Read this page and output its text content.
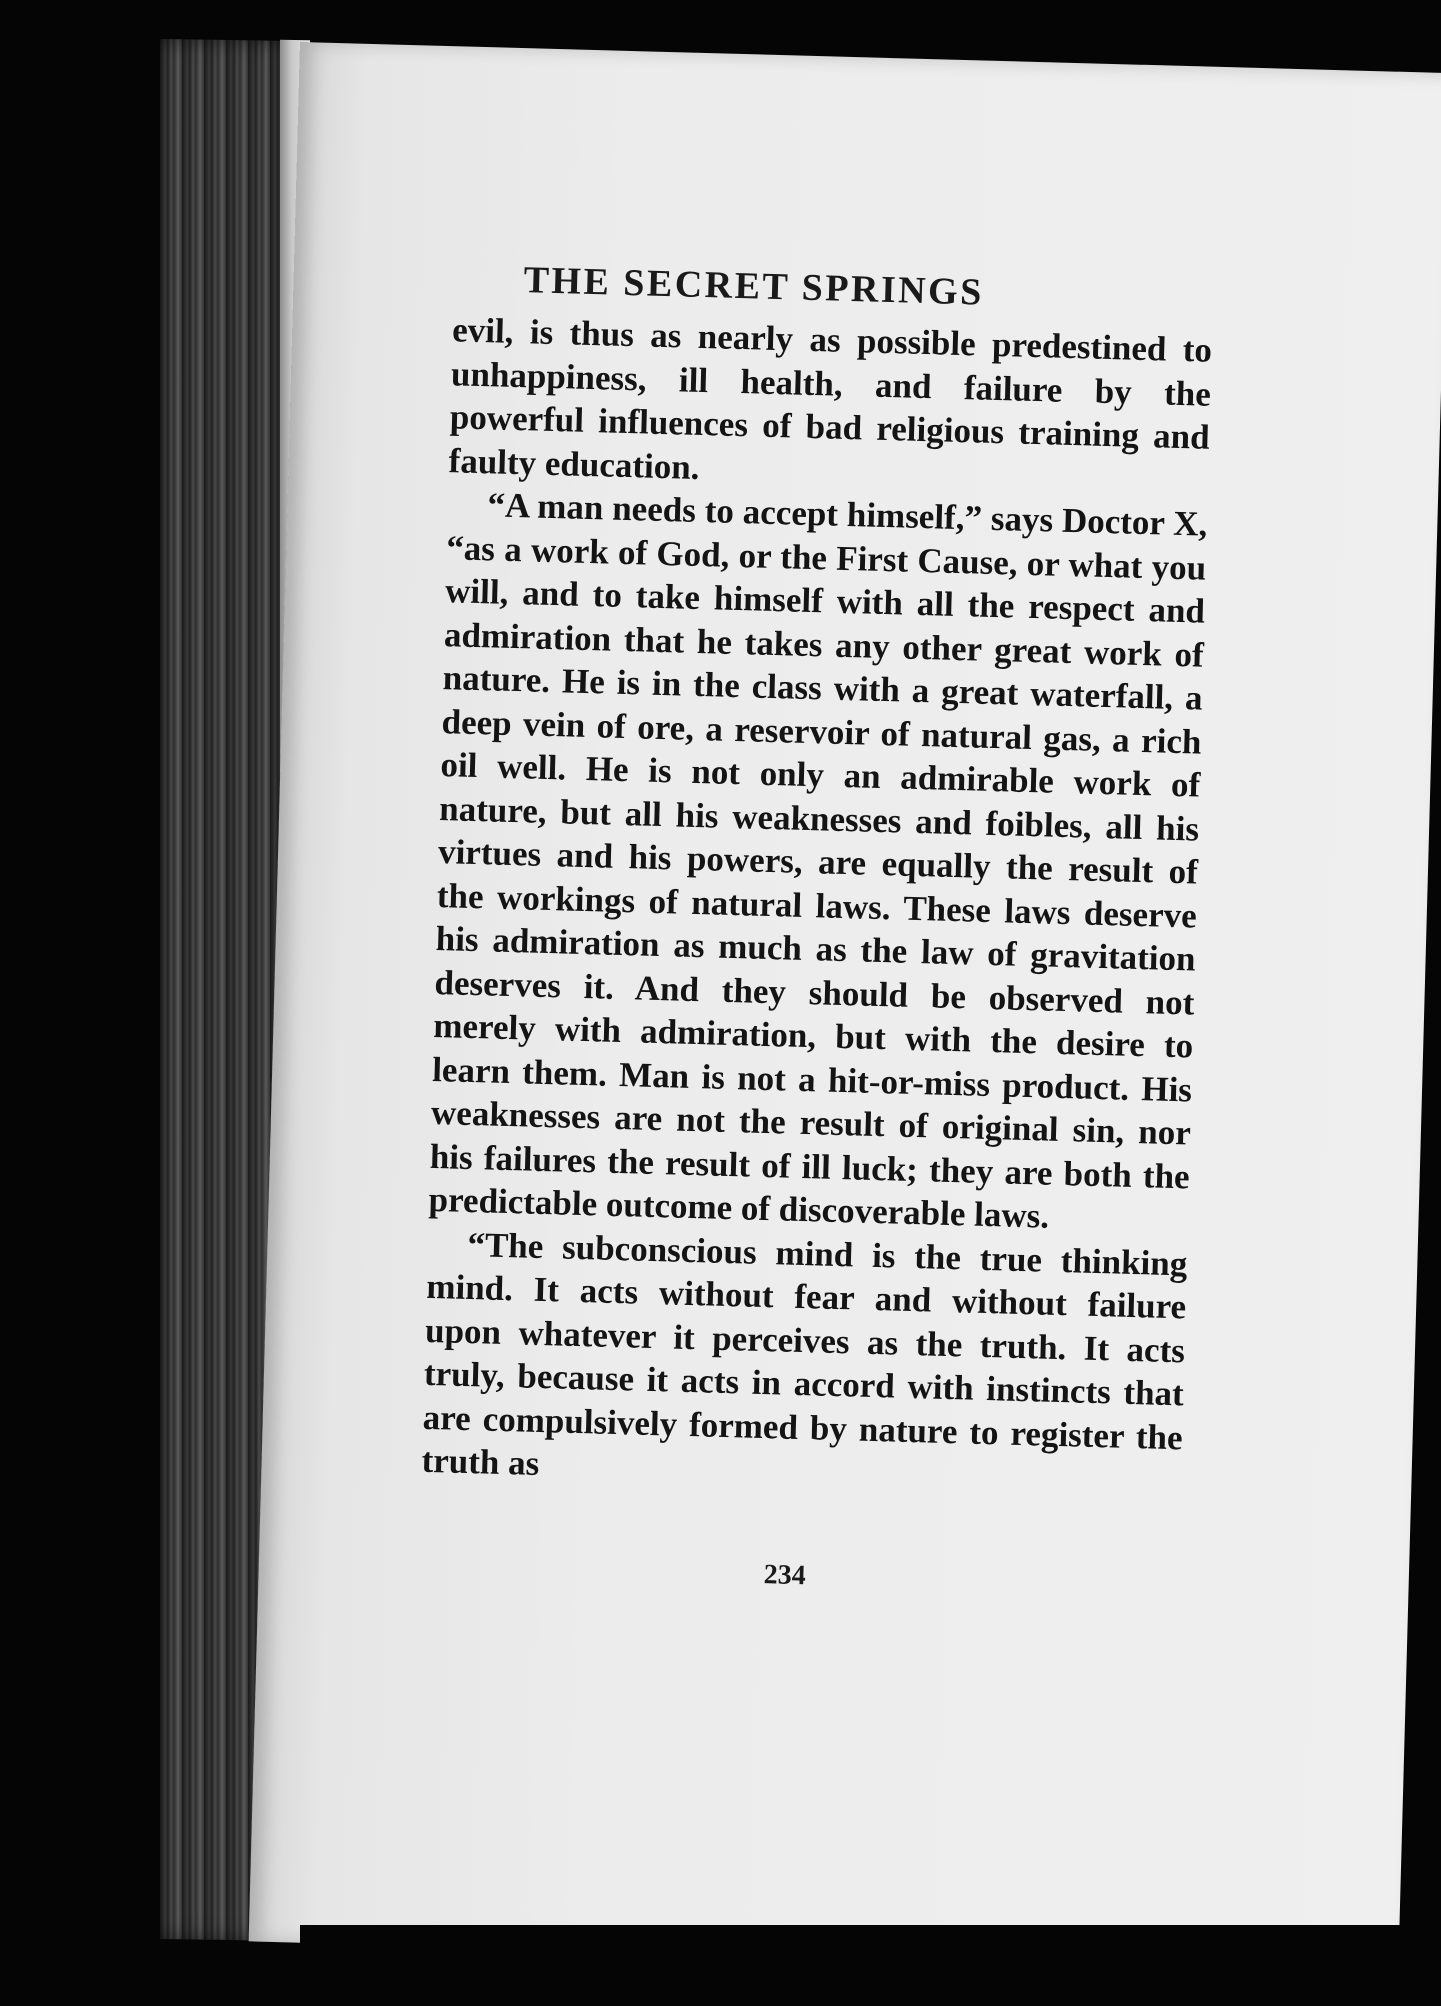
THE SECRET SPRINGS

evil, is thus as nearly as possible predestined to unhappiness, ill health, and failure by the powerful influences of bad religious training and faulty education.

“A man needs to accept himself,” says Doctor X, “as a work of God, or the First Cause, or what you will, and to take himself with all the respect and admiration that he takes any other great work of nature. He is in the class with a great waterfall, a deep vein of ore, a reservoir of natural gas, a rich oil well. He is not only an admirable work of nature, but all his weaknesses and foibles, all his virtues and his powers, are equally the result of the workings of natural laws. These laws deserve his admiration as much as the law of gravitation deserves it. And they should be observed not merely with admiration, but with the desire to learn them. Man is not a hit-or-miss product. His weaknesses are not the result of original sin, nor his failures the result of ill luck; they are both the predictable outcome of discoverable laws.

“The subconscious mind is the true thinking mind. It acts without fear and without failure upon whatever it perceives as the truth. It acts truly, because it acts in accord with instincts that are compulsively formed by nature to register the truth as

234
